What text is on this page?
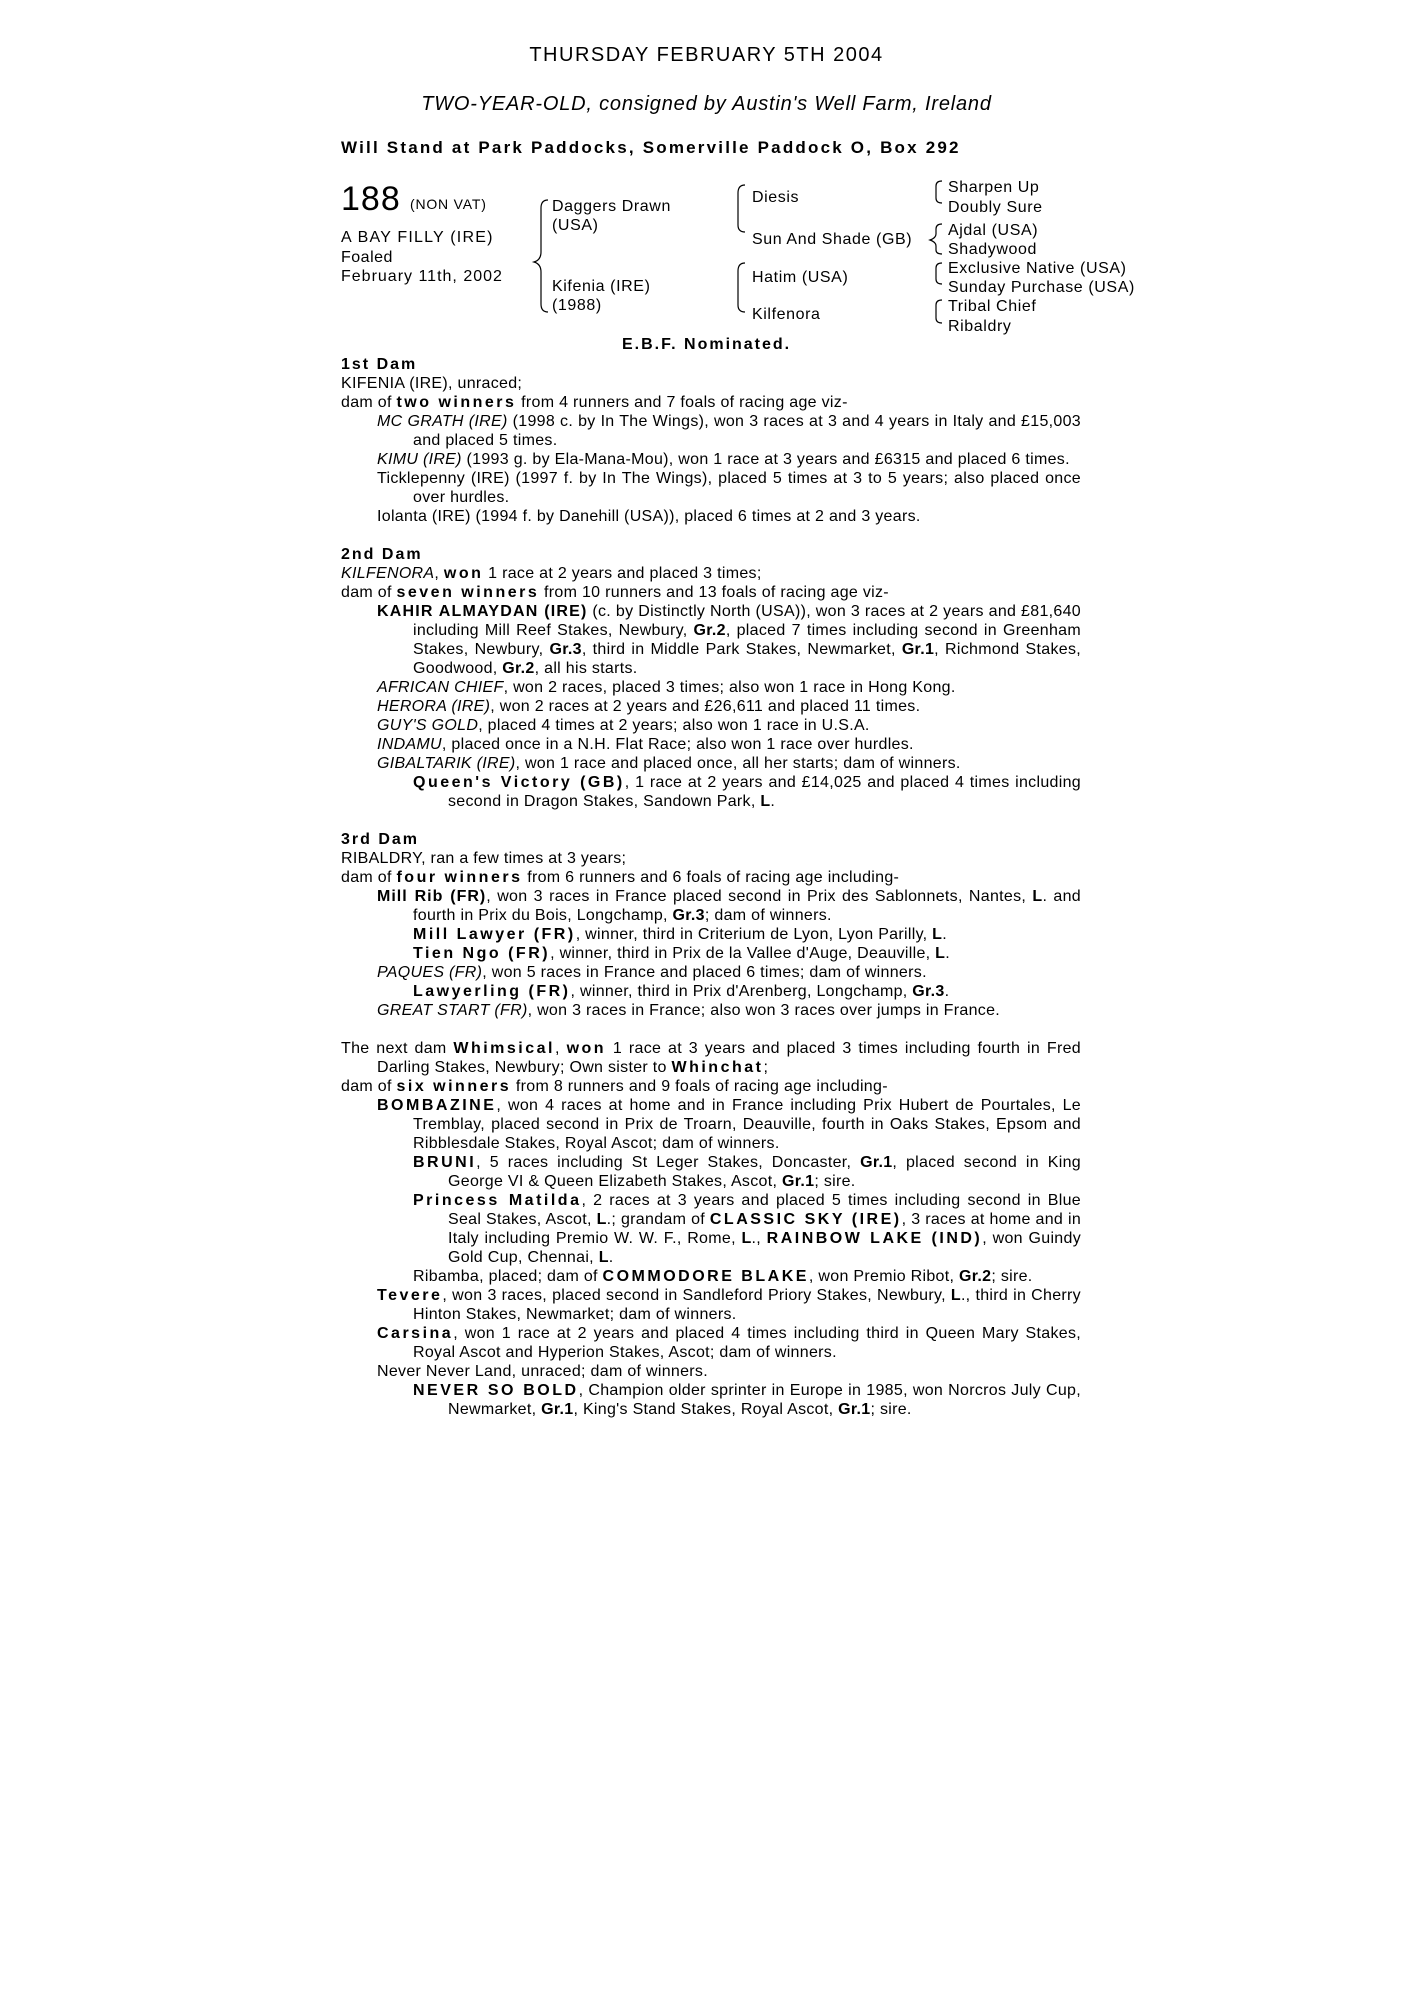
THURSDAY FEBRUARY 5TH 2004
TWO-YEAR-OLD, consigned by Austin's Well Farm, Ireland
Will Stand at Park Paddocks, Somerville Paddock O, Box 292
188 (NON VAT)
A BAY FILLY (IRE)
Foaled
February 11th, 2002
Daggers Drawn
(USA)
Kifenia (IRE)
(1988)
Diesis
Sun And Shade (GB)
Hatim (USA)
Kilfenora
Sharpen Up
Doubly Sure
Ajdal (USA)
Shadywood
Exclusive Native (USA)
Sunday Purchase (USA)
Tribal Chief
Ribaldry
E.B.F. Nominated.

1st Dam

KIFENIA (IRE), unraced;

dam of two winners from 4 runners and 7 foals of racing age viz-

MC GRATH (IRE) (1998 c. by In The Wings), won 3 races at 3 and 4 years in Italy and £15,003 and placed 5 times.

KIMU (IRE) (1993 g. by Ela-Mana-Mou), won 1 race at 3 years and £6315 and placed 6 times.

Ticklepenny (IRE) (1997 f. by In The Wings), placed 5 times at 3 to 5 years; also placed once over hurdles.

Iolanta (IRE) (1994 f. by Danehill (USA)), placed 6 times at 2 and 3 years.

2nd Dam

KILFENORA, won 1 race at 2 years and placed 3 times;

dam of seven winners from 10 runners and 13 foals of racing age viz-

KAHIR ALMAYDAN (IRE) (c. by Distinctly North (USA)), won 3 races at 2 years and £81,640 including Mill Reef Stakes, Newbury, Gr.2, placed 7 times including second in Greenham Stakes, Newbury, Gr.3, third in Middle Park Stakes, Newmarket, Gr.1, Richmond Stakes, Goodwood, Gr.2, all his starts.

AFRICAN CHIEF, won 2 races, placed 3 times; also won 1 race in Hong Kong.

HERORA (IRE), won 2 races at 2 years and £26,611 and placed 11 times.

GUY'S GOLD, placed 4 times at 2 years; also won 1 race in U.S.A.

INDAMU, placed once in a N.H. Flat Race; also won 1 race over hurdles.

GIBALTARIK (IRE), won 1 race and placed once, all her starts; dam of winners.

Queen's Victory (GB), 1 race at 2 years and £14,025 and placed 4 times including second in Dragon Stakes, Sandown Park, L.

3rd Dam

RIBALDRY, ran a few times at 3 years;

dam of four winners from 6 runners and 6 foals of racing age including-

Mill Rib (FR), won 3 races in France placed second in Prix des Sablonnets, Nantes, L. and fourth in Prix du Bois, Longchamp, Gr.3; dam of winners.

Mill Lawyer (FR), winner, third in Criterium de Lyon, Lyon Parilly, L.

Tien Ngo (FR), winner, third in Prix de la Vallee d'Auge, Deauville, L.

PAQUES (FR), won 5 races in France and placed 6 times; dam of winners.

Lawyerling (FR), winner, third in Prix d'Arenberg, Longchamp, Gr.3.

GREAT START (FR), won 3 races in France; also won 3 races over jumps in France.

The next dam Whimsical, won 1 race at 3 years and placed 3 times including fourth in Fred Darling Stakes, Newbury; Own sister to Whinchat;

dam of six winners from 8 runners and 9 foals of racing age including-

BOMBAZINE, won 4 races at home and in France including Prix Hubert de Pourtales, Le Tremblay, placed second in Prix de Troarn, Deauville, fourth in Oaks Stakes, Epsom and Ribblesdale Stakes, Royal Ascot; dam of winners.

BRUNI, 5 races including St Leger Stakes, Doncaster, Gr.1, placed second in King George VI & Queen Elizabeth Stakes, Ascot, Gr.1; sire.

Princess Matilda, 2 races at 3 years and placed 5 times including second in Blue Seal Stakes, Ascot, L.; grandam of CLASSIC SKY (IRE), 3 races at home and in Italy including Premio W. W. F., Rome, L., RAINBOW LAKE (IND), won Guindy Gold Cup, Chennai, L.

Ribamba, placed; dam of COMMODORE BLAKE, won Premio Ribot, Gr.2; sire.

Tevere, won 3 races, placed second in Sandleford Priory Stakes, Newbury, L., third in Cherry Hinton Stakes, Newmarket; dam of winners.

Carsina, won 1 race at 2 years and placed 4 times including third in Queen Mary Stakes, Royal Ascot and Hyperion Stakes, Ascot; dam of winners.

Never Never Land, unraced; dam of winners.

NEVER SO BOLD, Champion older sprinter in Europe in 1985, won Norcros July Cup, Newmarket, Gr.1, King's Stand Stakes, Royal Ascot, Gr.1; sire.
